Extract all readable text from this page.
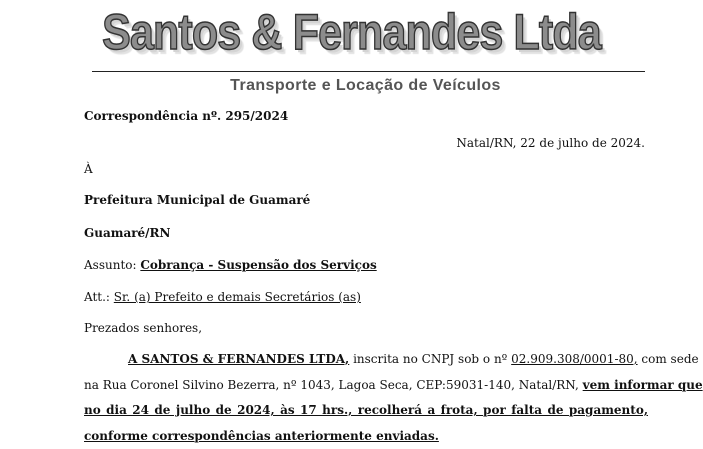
Santos & Fernandes Ltda
Transporte e Locação de Veículos
Correspondência nº. 295/2024
Natal/RN, 22 de julho de 2024.
À
Prefeitura Municipal de Guamaré
Guamaré/RN
Assunto: Cobrança - Suspensão dos Serviços
Att.: Sr. (a) Prefeito e demais Secretários (as)
Prezados senhores,
A SANTOS & FERNANDES LTDA, inscrita no CNPJ sob o nº 02.909.308/0001-80, com sede
na Rua Coronel Silvino Bezerra, nº 1043, Lagoa Seca, CEP:59031-140, Natal/RN, vem informar que
no dia 24 de julho de 2024, às 17 hrs., recolherá a frota, por falta de pagamento,
conforme correspondências anteriormente enviadas.
